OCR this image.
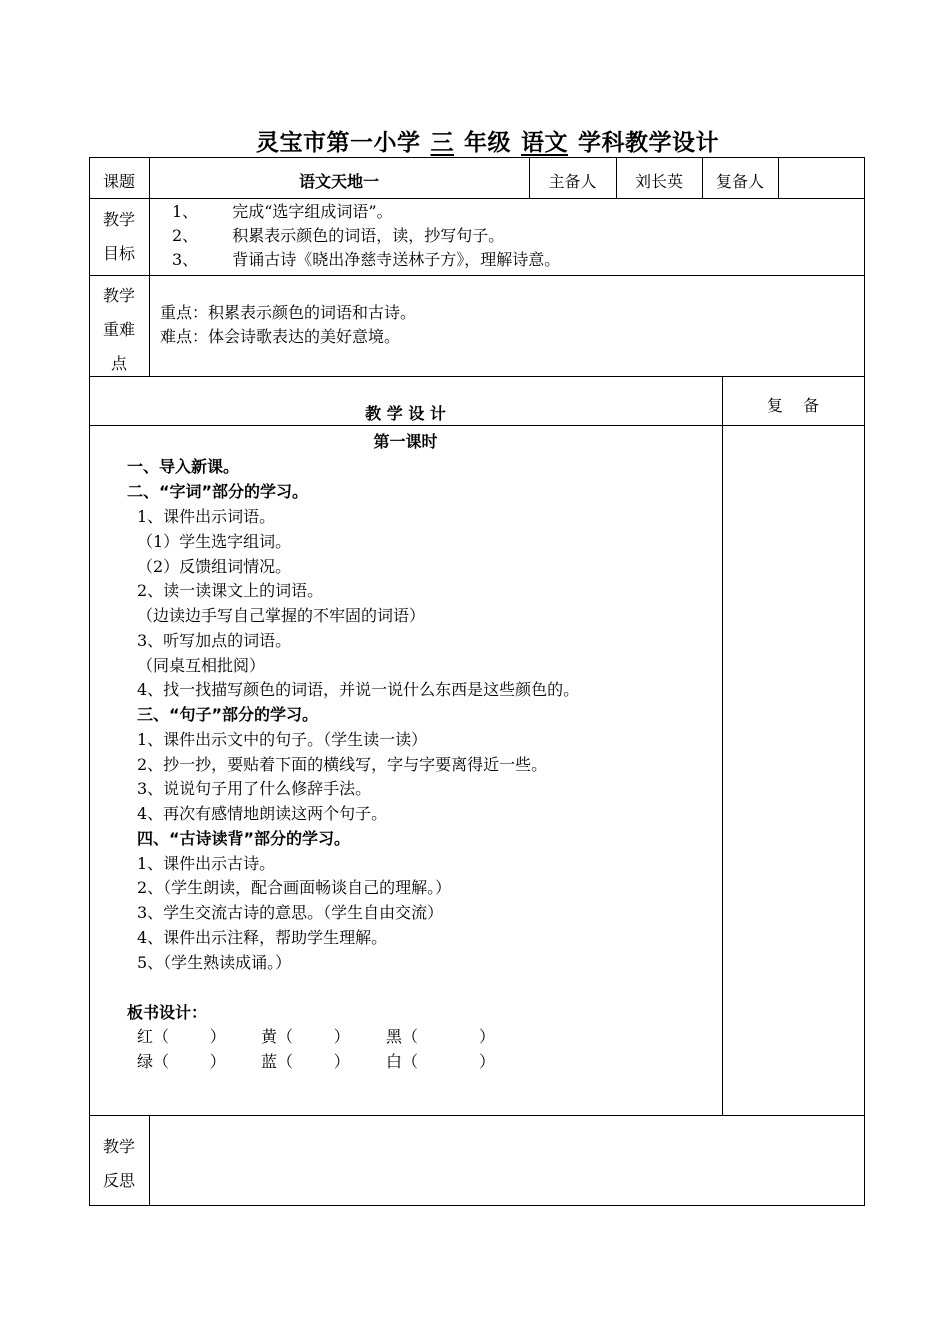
灵宝市第一小学 三 年级 语文 学科教学设计
课题	语文天地一	主备人	刘长英	复备人
教学目标
1、 完成“选字组成词语”。
2、 积累表示颜色的词语，读，抄写句子。
3、 背诵古诗《晓出净慈寺送林子方》，理解诗意。
教学重难点
重点：积累表示颜色的词语和古诗。
难点：体会诗歌表达的美好意境。
教 学 设 计	复    备
第一课时
一、导入新课。
二、“字词”部分的学习。
1、课件出示词语。
（1）学生选字组词。
（2）反馈组词情况。
2、读一读课文上的词语。
（边读边手写自己掌握的不牢固的词语）
3、听写加点的词语。
（同桌互相批阅）
4、找一找描写颜色的词语，并说一说什么东西是这些颜色的。
三、“句子”部分的学习。
1、课件出示文中的句子。（学生读一读）
2、抄一抄，要贴着下面的横线写，字与字要离得近一些。
3、说说句子用了什么修辞手法。
4、再次有感情地朗读这两个句子。
四、“古诗读背”部分的学习。
1、课件出示古诗。
2、（学生朗读，配合画面畅谈自己的理解。）
3、学生交流古诗的意思。（学生自由交流）
4、课件出示注释，帮助学生理解。
5、（学生熟读成诵。）
板书设计：
红（        ） 黄（        ） 黑（            ）
绿（        ） 蓝（        ） 白（            ）
教学反思
